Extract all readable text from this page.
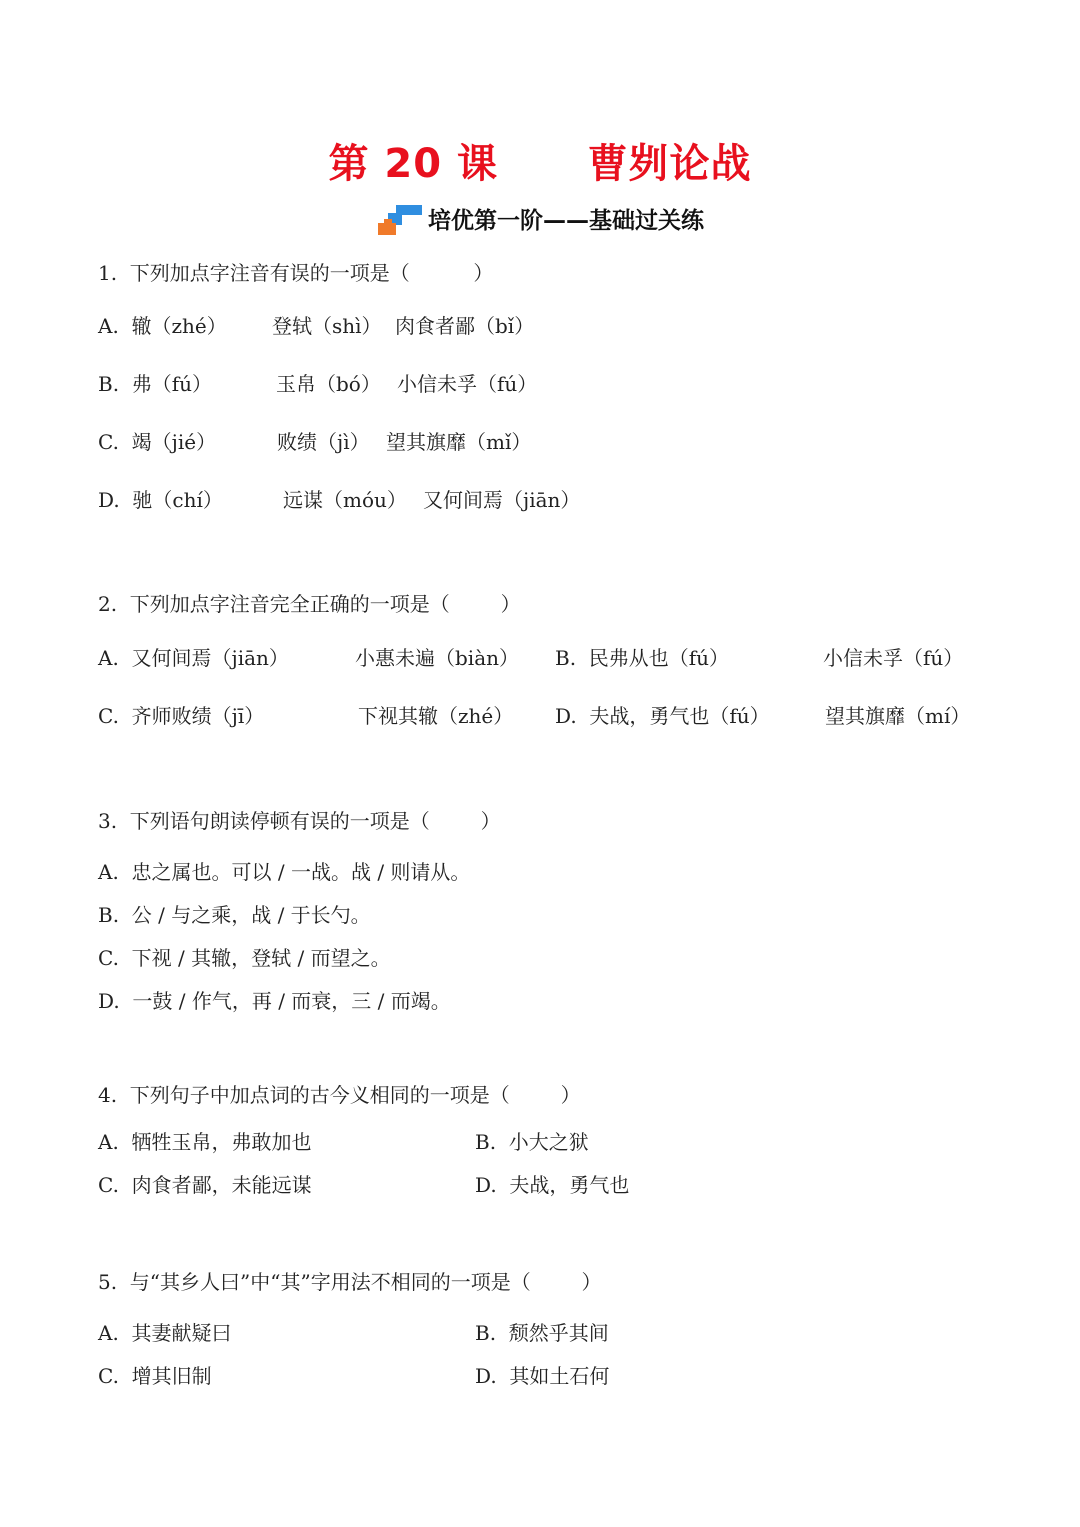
第 20 课      曹刿论战
培优第一阶——基础过关练
1.  下列加点字注音有误的一项是（          ）
A.  辙（zhé） 登轼（shì） 肉食者鄙（bǐ）
B.  弗（fú）	玉帛（bó） 小信未孚（fú）
C.  竭（jié）	败绩（jì） 望其旗靡（mǐ）
D.  驰（chí）	远谋（móu） 又何间焉（jiān）
2.  下列加点字注音完全正确的一项是（        ）
A.  又何间焉（jiān）	小惠未遍（biàn） B.  民弗从也（fú）	小信未孚（fú）
C.  齐师败绩（jī）	下视其辙（zhé） D.  夫战，勇气也（fú）	望其旗靡（mí）
3.  下列语句朗读停顿有误的一项是（        ）
A.  忠之属也。可以 / 一战。战 / 则请从。
B.  公 / 与之乘，战 / 于长勺。
C.  下视 / 其辙，登轼 / 而望之。
D.  一鼓 / 作气，再 / 而衰，三 / 而竭。
4.  下列句子中加点词的古今义相同的一项是（        ）
A.  牺牲玉帛，弗敢加也	B.  小大之狱
C.  肉食者鄙，未能远谋	D.  夫战，勇气也
5.  与“其乡人曰”中“其”字用法不相同的一项是（        ）
A.  其妻献疑曰	B.  颓然乎其间
C.  增其旧制	D.  其如土石何
